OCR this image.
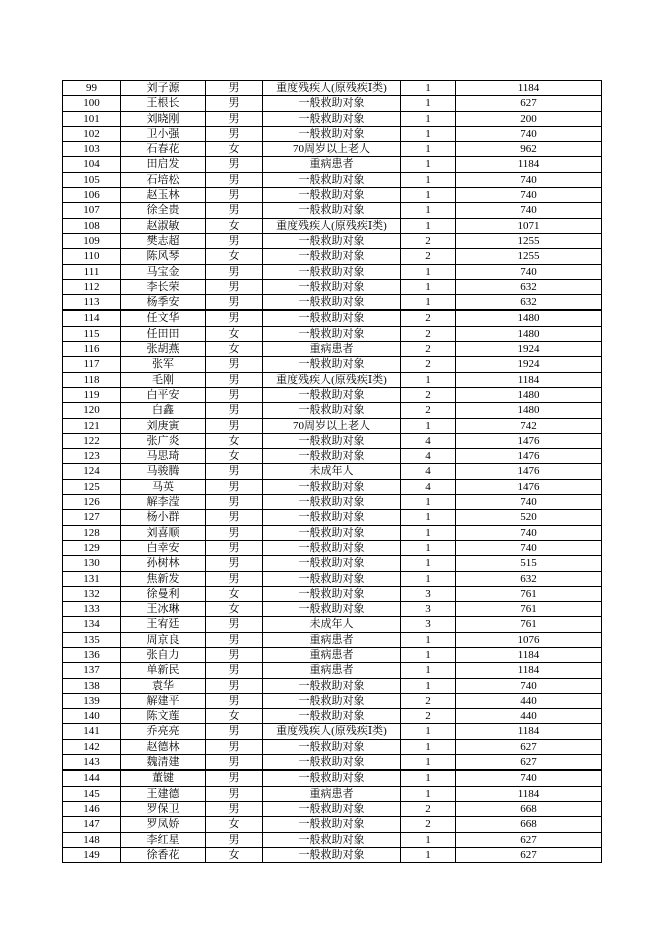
99	刘子源	男	重度残疾人(原残疾Ⅰ类)	1	1184
100	王根长	男	一般救助对象	1	627
101	刘晓刚	男	一般救助对象	1	200
102	卫小强	男	一般救助对象	1	740
103	石春花	女	70周岁以上老人	1	962
104	田启发	男	重病患者	1	1184
105	石培松	男	一般救助对象	1	740
106	赵玉林	男	一般救助对象	1	740
107	徐全贵	男	一般救助对象	1	740
108	赵淑敏	女	重度残疾人(原残疾Ⅰ类)	1	1071
109	樊志超	男	一般救助对象	2	1255
110	陈风琴	女	一般救助对象	2	1255
111	马宝金	男	一般救助对象	1	740
112	李长荣	男	一般救助对象	1	632
113	杨季安	男	一般救助对象	1	632
114	任文华	男	一般救助对象	2	1480
115	任田田	女	一般救助对象	2	1480
116	张胡燕	女	重病患者	2	1924
117	张军	男	一般救助对象	2	1924
118	毛刚	男	重度残疾人(原残疾Ⅰ类)	1	1184
119	白平安	男	一般救助对象	2	1480
120	白鑫	男	一般救助对象	2	1480
121	刘庚寅	男	70周岁以上老人	1	742
122	张广炎	女	一般救助对象	4	1476
123	马思琦	女	一般救助对象	4	1476
124	马骏腾	男	未成年人	4	1476
125	马英	男	一般救助对象	4	1476
126	解李滢	男	一般救助对象	1	740
127	杨小群	男	一般救助对象	1	520
128	刘喜顺	男	一般救助对象	1	740
129	白幸安	男	一般救助对象	1	740
130	孙树林	男	一般救助对象	1	515
131	焦新发	男	一般救助对象	1	632
132	徐曼利	女	一般救助对象	3	761
133	王冰琳	女	一般救助对象	3	761
134	王宥廷	男	未成年人	3	761
135	周京良	男	重病患者	1	1076
136	张自力	男	重病患者	1	1184
137	单新民	男	重病患者	1	1184
138	袁华	男	一般救助对象	1	740
139	解建平	男	一般救助对象	2	440
140	陈文莲	女	一般救助对象	2	440
141	乔亮亮	男	重度残疾人(原残疾Ⅰ类)	1	1184
142	赵德林	男	一般救助对象	1	627
143	魏清建	男	一般救助对象	1	627
144	董键	男	一般救助对象	1	740
145	王建德	男	重病患者	1	1184
146	罗保卫	男	一般救助对象	2	668
147	罗凤娇	女	一般救助对象	2	668
148	李红星	男	一般救助对象	1	627
149	徐香花	女	一般救助对象	1	627
